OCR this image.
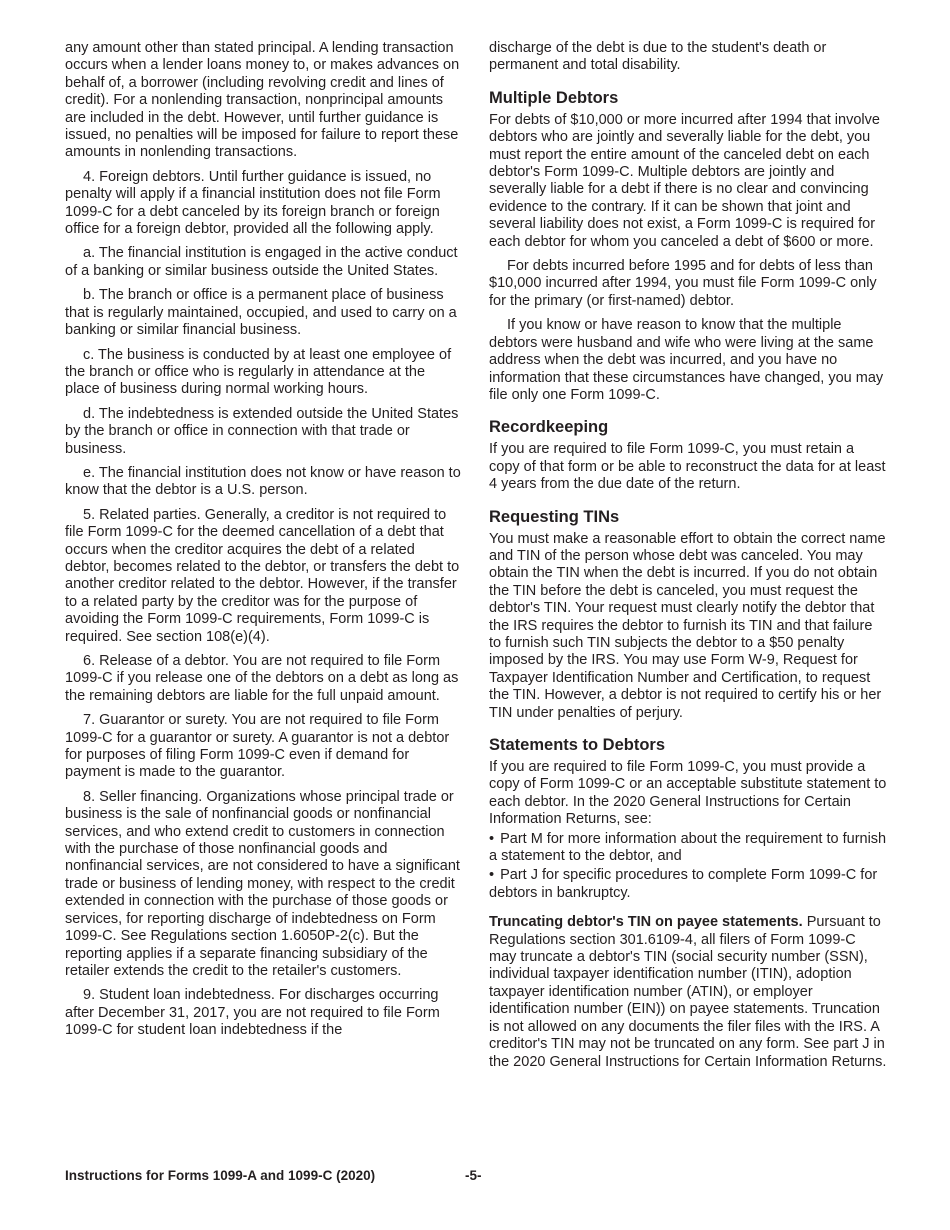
any amount other than stated principal. A lending transaction occurs when a lender loans money to, or makes advances on behalf of, a borrower (including revolving credit and lines of credit). For a nonlending transaction, nonprincipal amounts are included in the debt. However, until further guidance is issued, no penalties will be imposed for failure to report these amounts in nonlending transactions.

4. Foreign debtors. Until further guidance is issued, no penalty will apply if a financial institution does not file Form 1099-C for a debt canceled by its foreign branch or foreign office for a foreign debtor, provided all the following apply.

a. The financial institution is engaged in the active conduct of a banking or similar business outside the United States.

b. The branch or office is a permanent place of business that is regularly maintained, occupied, and used to carry on a banking or similar financial business.

c. The business is conducted by at least one employee of the branch or office who is regularly in attendance at the place of business during normal working hours.

d. The indebtedness is extended outside the United States by the branch or office in connection with that trade or business.

e. The financial institution does not know or have reason to know that the debtor is a U.S. person.

5. Related parties. Generally, a creditor is not required to file Form 1099-C for the deemed cancellation of a debt that occurs when the creditor acquires the debt of a related debtor, becomes related to the debtor, or transfers the debt to another creditor related to the debtor. However, if the transfer to a related party by the creditor was for the purpose of avoiding the Form 1099-C requirements, Form 1099-C is required. See section 108(e)(4).

6. Release of a debtor. You are not required to file Form 1099-C if you release one of the debtors on a debt as long as the remaining debtors are liable for the full unpaid amount.

7. Guarantor or surety. You are not required to file Form 1099-C for a guarantor or surety. A guarantor is not a debtor for purposes of filing Form 1099-C even if demand for payment is made to the guarantor.

8. Seller financing. Organizations whose principal trade or business is the sale of nonfinancial goods or nonfinancial services, and who extend credit to customers in connection with the purchase of those nonfinancial goods and nonfinancial services, are not considered to have a significant trade or business of lending money, with respect to the credit extended in connection with the purchase of those goods or services, for reporting discharge of indebtedness on Form 1099-C. See Regulations section 1.6050P-2(c). But the reporting applies if a separate financing subsidiary of the retailer extends the credit to the retailer's customers.

9. Student loan indebtedness. For discharges occurring after December 31, 2017, you are not required to file Form 1099-C for student loan indebtedness if the

discharge of the debt is due to the student's death or permanent and total disability.

Multiple Debtors

For debts of $10,000 or more incurred after 1994 that involve debtors who are jointly and severally liable for the debt, you must report the entire amount of the canceled debt on each debtor's Form 1099-C. Multiple debtors are jointly and severally liable for a debt if there is no clear and convincing evidence to the contrary. If it can be shown that joint and several liability does not exist, a Form 1099-C is required for each debtor for whom you canceled a debt of $600 or more.

For debts incurred before 1995 and for debts of less than $10,000 incurred after 1994, you must file Form 1099-C only for the primary (or first-named) debtor.

If you know or have reason to know that the multiple debtors were husband and wife who were living at the same address when the debt was incurred, and you have no information that these circumstances have changed, you may file only one Form 1099-C.

Recordkeeping

If you are required to file Form 1099-C, you must retain a copy of that form or be able to reconstruct the data for at least 4 years from the due date of the return.

Requesting TINs

You must make a reasonable effort to obtain the correct name and TIN of the person whose debt was canceled. You may obtain the TIN when the debt is incurred. If you do not obtain the TIN before the debt is canceled, you must request the debtor's TIN. Your request must clearly notify the debtor that the IRS requires the debtor to furnish its TIN and that failure to furnish such TIN subjects the debtor to a $50 penalty imposed by the IRS. You may use Form W-9, Request for Taxpayer Identification Number and Certification, to request the TIN. However, a debtor is not required to certify his or her TIN under penalties of perjury.

Statements to Debtors

If you are required to file Form 1099-C, you must provide a copy of Form 1099-C or an acceptable substitute statement to each debtor. In the 2020 General Instructions for Certain Information Returns, see:

• Part M for more information about the requirement to furnish a statement to the debtor, and

• Part J for specific procedures to complete Form 1099-C for debtors in bankruptcy.

Truncating debtor's TIN on payee statements. Pursuant to Regulations section 301.6109-4, all filers of Form 1099-C may truncate a debtor's TIN (social security number (SSN), individual taxpayer identification number (ITIN), adoption taxpayer identification number (ATIN), or employer identification number (EIN)) on payee statements. Truncation is not allowed on any documents the filer files with the IRS. A creditor's TIN may not be truncated on any form. See part J in the 2020 General Instructions for Certain Information Returns.

Instructions for Forms 1099-A and 1099-C (2020)	-5-
